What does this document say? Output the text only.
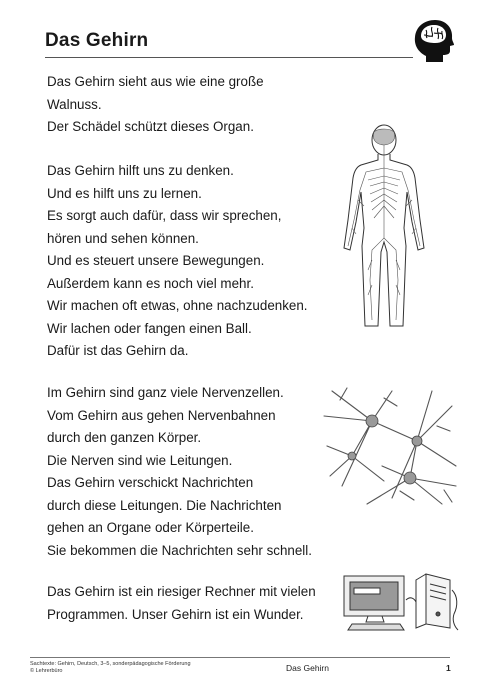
Das Gehirn
Das Gehirn sieht aus wie eine große
Walnuss.
Der Schädel schützt dieses Organ.
Das Gehirn hilft uns zu denken.
Und es hilft uns zu lernen.
Es sorgt auch dafür, dass wir sprechen,
hören und sehen können.
Und es steuert unsere Bewegungen.
Außerdem kann es noch viel mehr.
Wir machen oft etwas, ohne nachzudenken.
Wir lachen oder fangen einen Ball.
Dafür ist das Gehirn da.
Im Gehirn sind ganz viele Nervenzellen.
Vom Gehirn aus gehen Nervenbahnen
durch den ganzen Körper.
Die Nerven sind wie Leitungen.
Das Gehirn verschickt Nachrichten
durch diese Leitungen. Die Nachrichten
gehen an Organe oder Körperteile.
Sie bekommen die Nachrichten sehr schnell.
Das Gehirn ist ein riesiger Rechner mit vielen
Programmen. Unser Gehirn ist ein Wunder.
Sachtexte: Gehirn, Deutsch, 3–5, sonderpädagogische Förderung
© Lehrerbüro	Das Gehirn	1
